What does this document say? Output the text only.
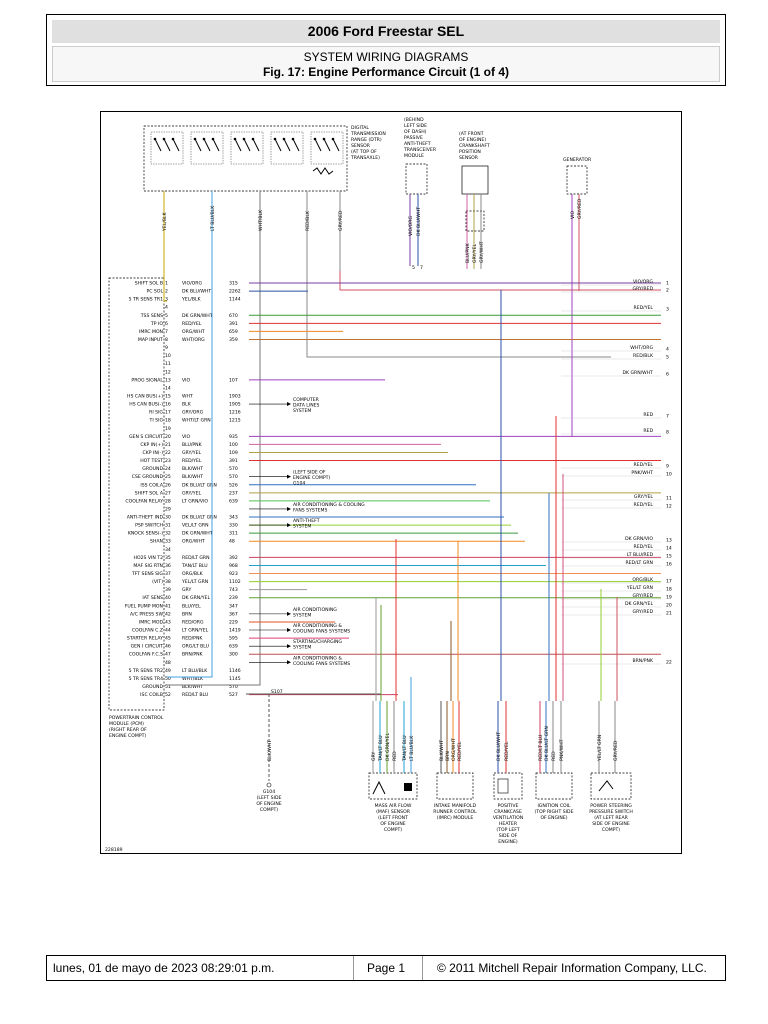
2006 Ford Freestar SEL
SYSTEM WIRING DIAGRAMS
Fig. 17: Engine Performance Circuit (1 of 4)
228189
SHIFT SOL B 1	VIO/ORG	315
PC SOL 2	DK BLU/WHT	2262
5 TR SENS TR1 3	YEL/BLK	1144
4
TSS SENS 5	DK GRN/WHT	670
TP IO 6	RED/YEL	391
IMRC MON 7	ORG/WHT	659
MAP INPUT 8	WHT/ORG	359
9
10
11
12
PROG SIGNAL 13 VIO	107
14
HS CAN BUS(+) 15 WHT	1903
HS CAN BUS(-) 16 BLK	1905
RI SIG 17 GRY/ORG	1216
TI SIG 18 WHT/LT GRN	1215
19
GEN S CIRCUIT 20 VIO	935
CKP IN(+) 21 BLU/PNK	100
CKP IN(-) 22 GRY/YEL	109
HOT TEST 23 RED/YEL	391
GROUND 24 BLK/WHT	570
CSE GROUND 25 BLK/WHT	570
ISS COILA 26 DK BLU/LT GRN	526
SHIFT SOL A 27 GRY/YEL	237
COOLFAN RELAY 28 LT GRN/VIO	639
29
ANTI-THEFT IND 30 DK BLU/LT GRN	343
PSP SWITCH 31 VEL/LT GRN	330
KNOCK SENS(-) 32 DK GRN/WHT	311
SHAN 33 ORG/WHT	48
34
HO2S VIN T2 35 RED/LT GRN	392
MAF SIG RTN 36 TAN/LT BLU	968
TFT SENS SIG 37 ORG/BLK	923
(VIT) 38 YEL/LT GRN	1102
39 GRY	743
IAT SENS 40 DK GRN/YEL	239
FUEL PUMP MON 41 BLU/YEL	347
A/C PRESS SW 42 BRN	367
IMRC MOD 43 RED/ORG	229
COOLFAN C.Z 44 LT GRN/YEL	1419
STARTER RELAY 45 RED/PNK	595
GEN I CIRCUIT 46 ORG/LT BLU	639
COOLFAN F.C.S 47 BRN/PNK	300
48
5 TR SENS TR2 49 LT BLU/BLK	1146
5 TR SENS TR4 50 WHT/BLK	1145
GROUND 51 BLK/WHT	570
ISC COILB 52 RED/LT BLU	527
POWERTRAIN CONTROL
MODULE (PCM)
(RIGHT REAR OF
ENGINE COMPT)
DIGITAL
TRANSMISSION
RANGE (DTR)
SENSOR
(AT TOP OF
TRANSAXLE)
YEL/BLK	LT BLU/BLK	WHT/BLK	RED/BLK	GRY/RED
(BEHIND
LEFT SIDE
OF DASH)
PASSIVE
ANTI-THEFT
TRANSCEIVER
MODULE
VIO/ORG
5
DK BLU/WHT
7
(AT FRONT
OF ENGINE)
CRANKSHAFT
POSITION
SENSOR
BLU/PNK GRY/YEL GRY/WHT
GENERATOR
VIO GRY/RED
COMPUTER
DATA LINES
SYSTEM
(LEFT SIDE OF
ENGINE COMPT)
G104
AIR CONDITIONING & COOLING
FANS SYSTEMS
ANTI-THEFT
SYSTEM
AIR CONDITIONING
SYSTEM
AIR CONDITIONING &
COOLING FANS SYSTEMS
STARTING/CHARGING
SYSTEM
AIR CONDITIONING &
COOLING FANS SYSTEMS
VIO/ORG	1
GRY/RED	2
RED/YEL	3
WHT/ORG	4
RED/BLK	5
DK GRN/WHT	6
RED	7
RED	8
RED/YEL	9
PNK/WHT	10
GRY/YEL	11
RED/YEL	12
DK GRN/VIO	13
RED/YEL	14
LT BLU/RED	15
RED/LT GRN	16
ORG/BLK	17
YEL/LT GRN	18
GRY/RED	19
DK GRN/YEL	20
GRY/RED	21
BRN/PNK	22
S107
BLK/WHT
G104
(LEFT SIDE
OF ENGINE
COMPT)
GRY TAN/LT BLU DK GRN/YEL RED TAN/LT BLU LT BLU/BLK
MASS AIR FLOW
(MAF) SENSOR
(LEFT FRONT
OF ENGINE
COMPT)
BLK/WHT BRN ORG/WHT RED/YEL
INTAKE MANIFOLD
RUNNER CONTROL
(IMRC) MODULE
DK BLU/WHT RED/YEL
POSITIVE
CRANKCASE
VENTILATION
HEATER
(TOP LEFT
SIDE OF
ENGINE)
RED/LT BLU DK BLU/LT GRN RED PNK/WHT
IGNITION COIL
(TOP RIGHT SIDE
OF ENGINE)
YEL/LT GRN GRY/RED
POWER STEERING
PRESSURE SWITCH
(AT LEFT REAR
SIDE OF ENGINE
COMPT)
lunes, 01 de mayo de 2023 08:29:01 p.m.	Page 1	© 2011 Mitchell Repair Information Company, LLC.
